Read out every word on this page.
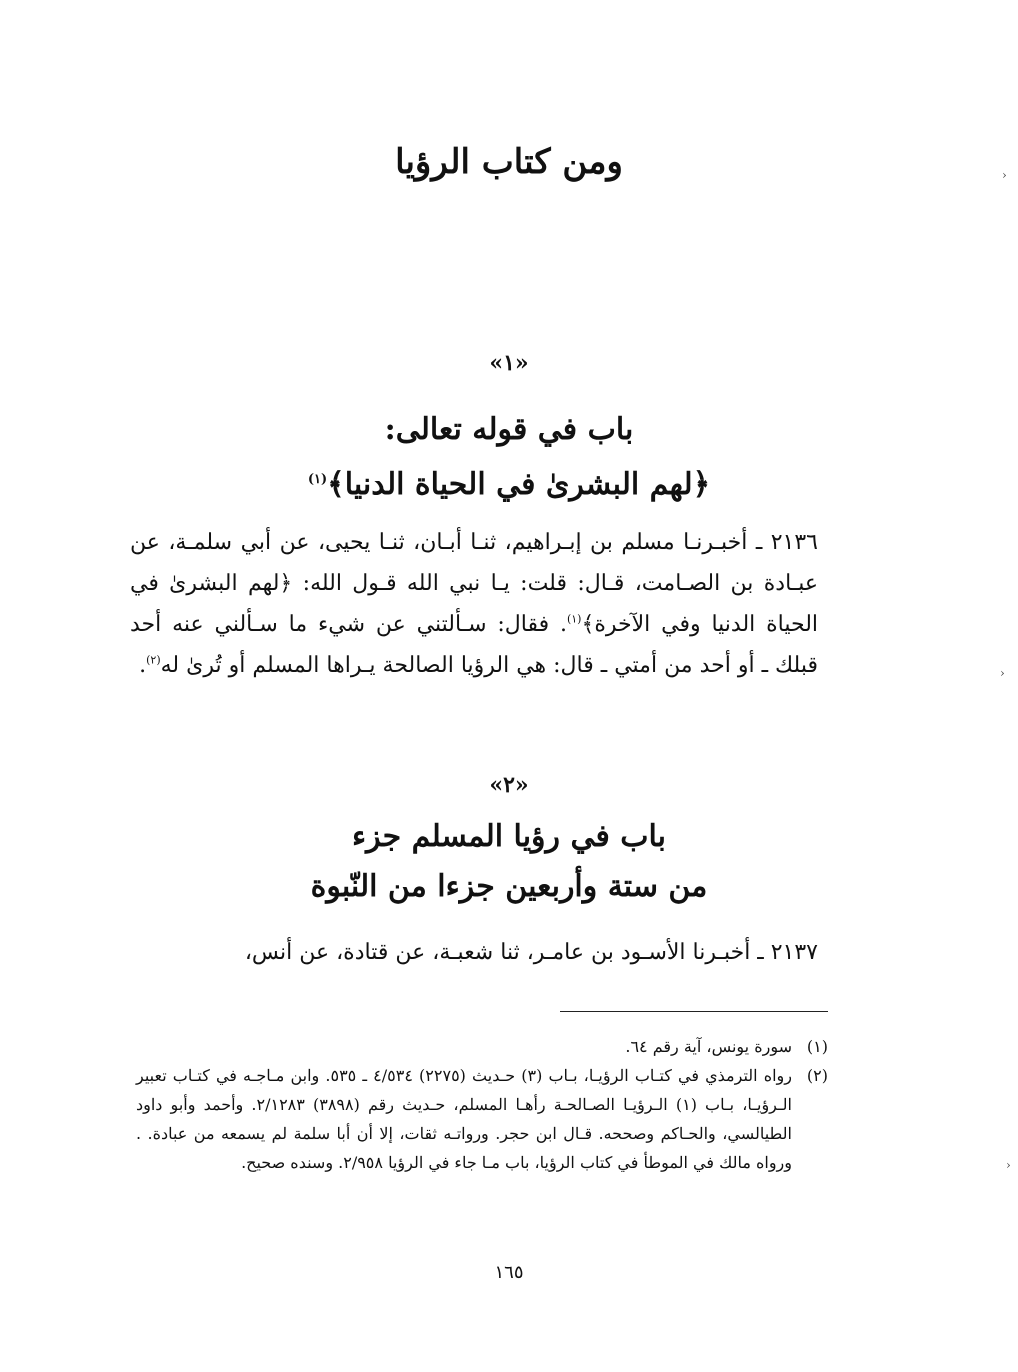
ومن كتاب الرؤيا
«١»
باب في قوله تعالى:
﴿لهم البشرىٰ في الحياة الدنيا﴾$^{(١)}$
٢١٣٦ ـ أخبـرنـا مسلم بن إبـراهيم، ثنـا أبـان، ثنـا يحيى، عن أبي سلمـة، عن عبـادة بن الصـامت، قـال: قلت: يـا نبي الله قـول الله: ﴿لهم البشرىٰ في الحياة الدنيا وفي الآخرة﴾$^{(١)}$. فقال: سـألتني عن شيء ما سـألني عنه أحد قبلك ـ أو أحد من أمتي ـ قال: هي الرؤيا الصالحة يـراها المسلم أو تُرىٰ له$^{(٢)}$.
«٢»
باب في رؤيا المسلم جزء
من ستة وأربعين جزءا من النّبوة
٢١٣٧ ـ أخبـرنا الأسـود بن عامـر، ثنا شعبـة، عن قتادة، عن أنس،
(١)
سورة يونس، آية رقم ٦٤.
(٢)
رواه الترمذي في كتـاب الرؤيـا، بـاب (٣) حـديث (٢٢٧٥) ٤/٥٣٤ ـ ٥٣٥. وابن مـاجـه في كتـاب تعبير الـرؤيـا، بـاب (١) الـرؤيـا الصـالحـة رأهـا المسلم، حـديث رقم (٣٨٩٨) ٢/١٢٨٣. وأحمد وأبو داود الطيالسي، والحـاكم وصححه. قـال ابن حجر. ورواتـه ثقات، إلا أن أبا سلمة لم يسمعه من عبادة. . ورواه مالك في الموطأ في كتاب الرؤيا، باب مـا جاء في الرؤيا ٢/٩٥٨. وسنده صحيح.
١٦٥
›
›
›
